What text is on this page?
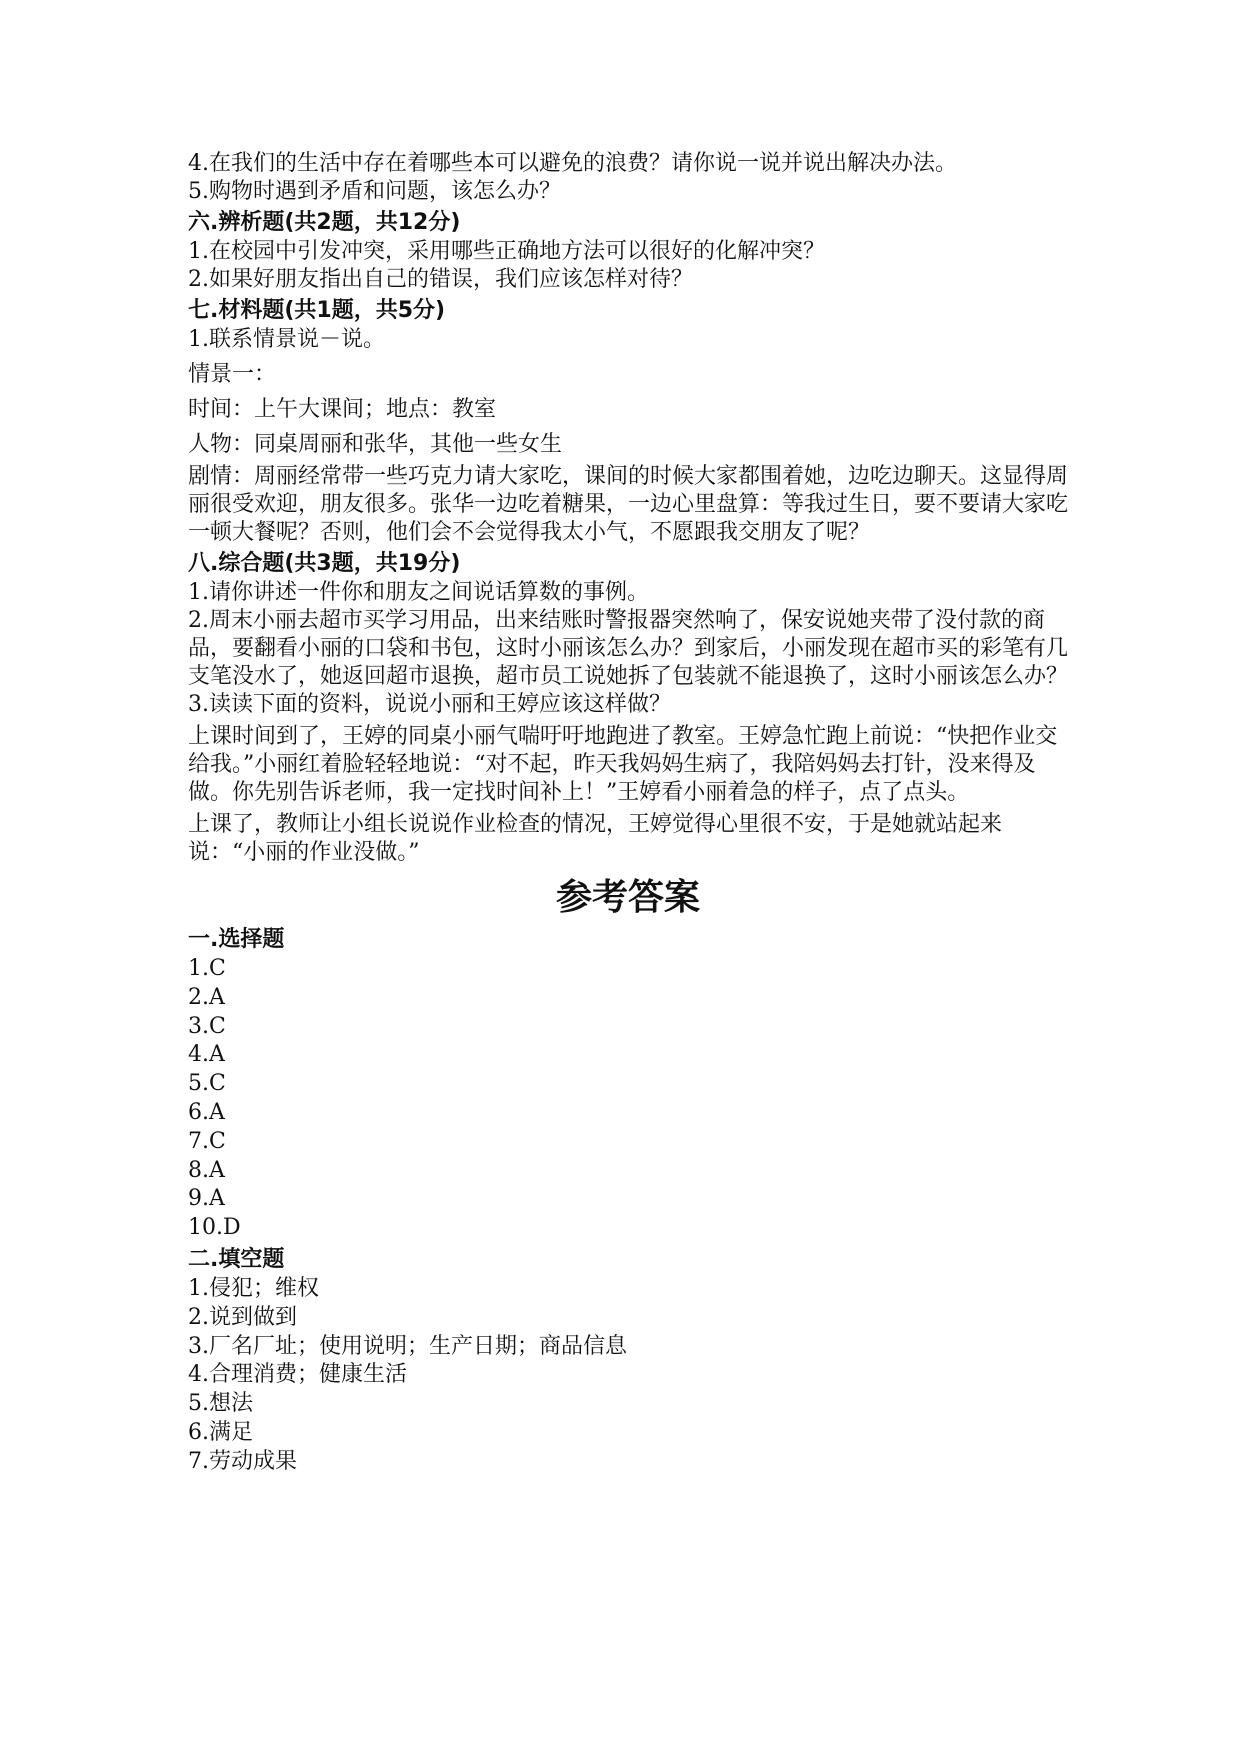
4.在我们的生活中存在着哪些本可以避免的浪费？请你说一说并说出解决办法。
5.购物时遇到矛盾和问题，该怎么办？
六.辨析题(共2题，共12分)
1.在校园中引发冲突，采用哪些正确地方法可以很好的化解冲突？
2.如果好朋友指出自己的错误，我们应该怎样对待？
七.材料题(共1题，共5分)
1.联系情景说－说。
情景一：
时间：上午大课间；地点：教室
人物：同桌周丽和张华，其他一些女生
剧情：周丽经常带一些巧克力请大家吃，课间的时候大家都围着她，边吃边聊天。这显得周丽很受欢迎，朋友很多。张华一边吃着糖果，一边心里盘算：等我过生日，要不要请大家吃一顿大餐呢？否则，他们会不会觉得我太小气，不愿跟我交朋友了呢？
八.综合题(共3题，共19分)
1.请你讲述一件你和朋友之间说话算数的事例。
2.周末小丽去超市买学习用品，出来结账时警报器突然响了，保安说她夹带了没付款的商品，要翻看小丽的口袋和书包，这时小丽该怎么办？到家后，小丽发现在超市买的彩笔有几支笔没水了，她返回超市退换，超市员工说她拆了包装就不能退换了，这时小丽该怎么办？
3.读读下面的资料，说说小丽和王婷应该这样做？
上课时间到了，王婷的同桌小丽气喘吁吁地跑进了教室。王婷急忙跑上前说：“快把作业交给我。”小丽红着脸轻轻地说：“对不起，昨天我妈妈生病了，我陪妈妈去打针，没来得及做。你先别告诉老师，我一定找时间补上！”王婷看小丽着急的样子，点了点头。
上课了，教师让小组长说说作业检查的情况，王婷觉得心里很不安，于是她就站起来说：“小丽的作业没做。”
参考答案
一.选择题
1.C
2.A
3.C
4.A
5.C
6.A
7.C
8.A
9.A
10.D
二.填空题
1.侵犯；维权
2.说到做到
3.厂名厂址；使用说明；生产日期；商品信息
4.合理消费；健康生活
5.想法
6.满足
7.劳动成果
